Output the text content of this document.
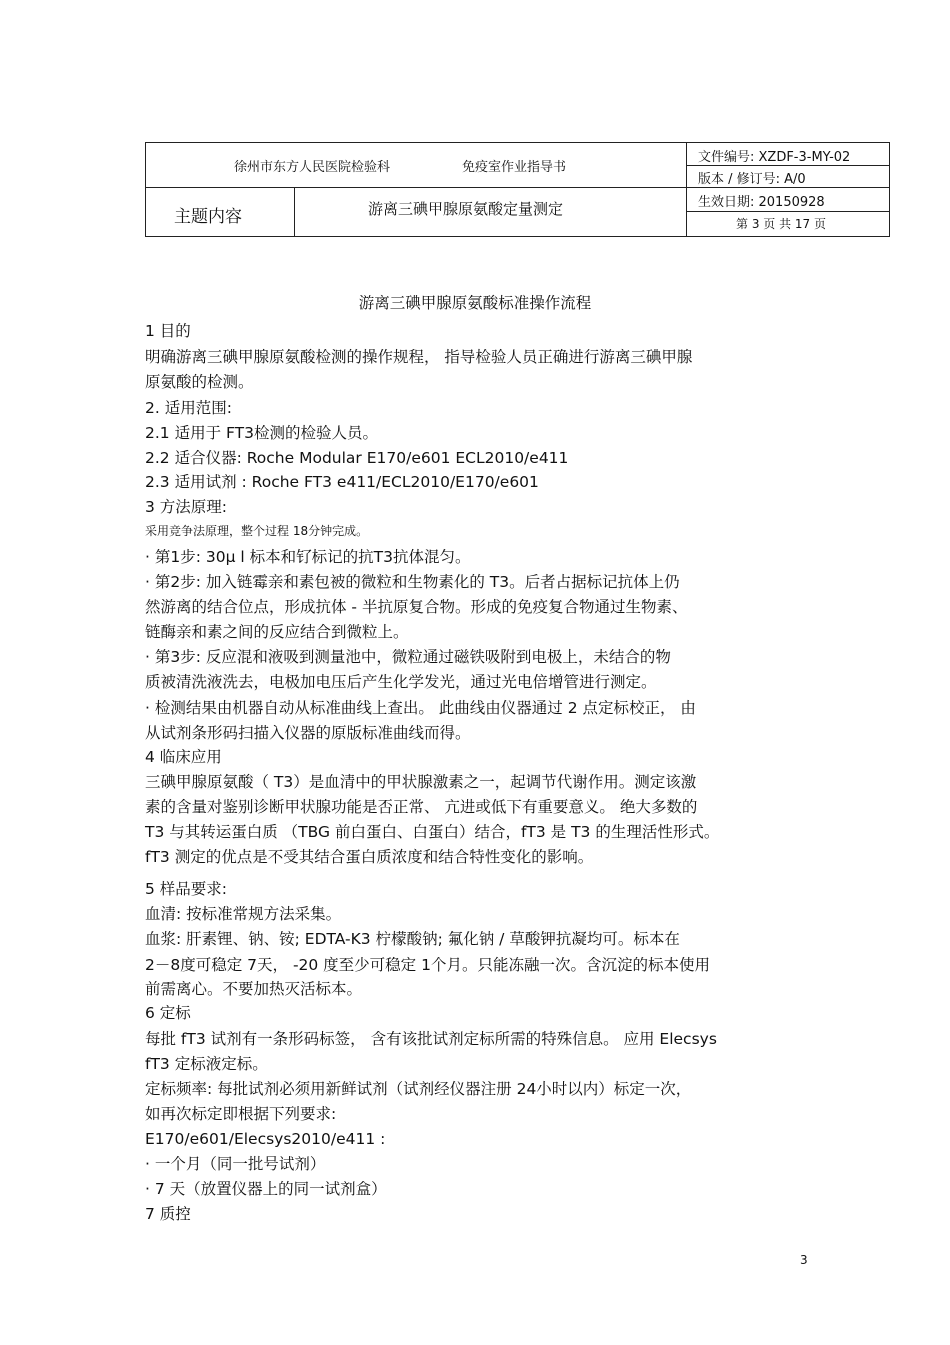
徐州市东方人民医院检验科	免疫室作业指导书
主题内容	游离三碘甲腺原氨酸定量测定
文件编号: XZDF-3-MY-02
版本 / 修订号: A/0
生效日期: 20150928
第 3 页 共 17 页
游离三碘甲腺原氨酸标准操作流程
1 目的
明确游离三碘甲腺原氨酸检测的操作规程， 指导检验人员正确进行游离三碘甲腺
原氨酸的检测。
2. 适用范围:
2.1 适用于 FT3检测的检验人员。
2.2 适合仪器: Roche Modular E170/e601 ECL2010/e411
2.3 适用试剂 : Roche FT3 e411/ECL2010/E170/e601
3 方法原理:
采用竞争法原理，整个过程 18分钟完成。
· 第1步: 30μ l 标本和钌标记的抗T3抗体混匀。
· 第2步: 加入链霉亲和素包被的微粒和生物素化的 T3。后者占据标记抗体上仍
然游离的结合位点，形成抗体 - 半抗原复合物。形成的免疫复合物通过生物素、
链酶亲和素之间的反应结合到微粒上。
· 第3步: 反应混和液吸到测量池中，微粒通过磁铁吸附到电极上，未结合的物
质被清洗液洗去，电极加电压后产生化学发光，通过光电倍增管进行测定。
· 检测结果由机器自动从标准曲线上查出。 此曲线由仪器通过 2 点定标校正， 由
从试剂条形码扫描入仪器的原版标准曲线而得。
4 临床应用
三碘甲腺原氨酸（ T3）是血清中的甲状腺激素之一，起调节代谢作用。测定该激
素的含量对鉴别诊断甲状腺功能是否正常、 亢进或低下有重要意义。 绝大多数的
T3 与其转运蛋白质 （TBG 前白蛋白、白蛋白）结合，fT3 是 T3 的生理活性形式。
fT3 测定的优点是不受其结合蛋白质浓度和结合特性变化的影响。
5 样品要求:
血清: 按标准常规方法采集。
血浆: 肝素锂、钠、铵; EDTA-K3 柠檬酸钠; 氟化钠 / 草酸钾抗凝均可。标本在
2－8度可稳定 7天， -20 度至少可稳定 1个月。只能冻融一次。含沉淀的标本使用
前需离心。不要加热灭活标本。
6 定标
每批 fT3 试剂有一条形码标签， 含有该批试剂定标所需的特殊信息。 应用 Elecsys
fT3 定标液定标。
定标频率: 每批试剂必须用新鲜试剂（试剂经仪器注册 24小时以内）标定一次，
如再次标定即根据下列要求:
E170/e601/Elecsys2010/e411 :
· 一个月（同一批号试剂）
· 7 天（放置仪器上的同一试剂盒）
7 质控
3
